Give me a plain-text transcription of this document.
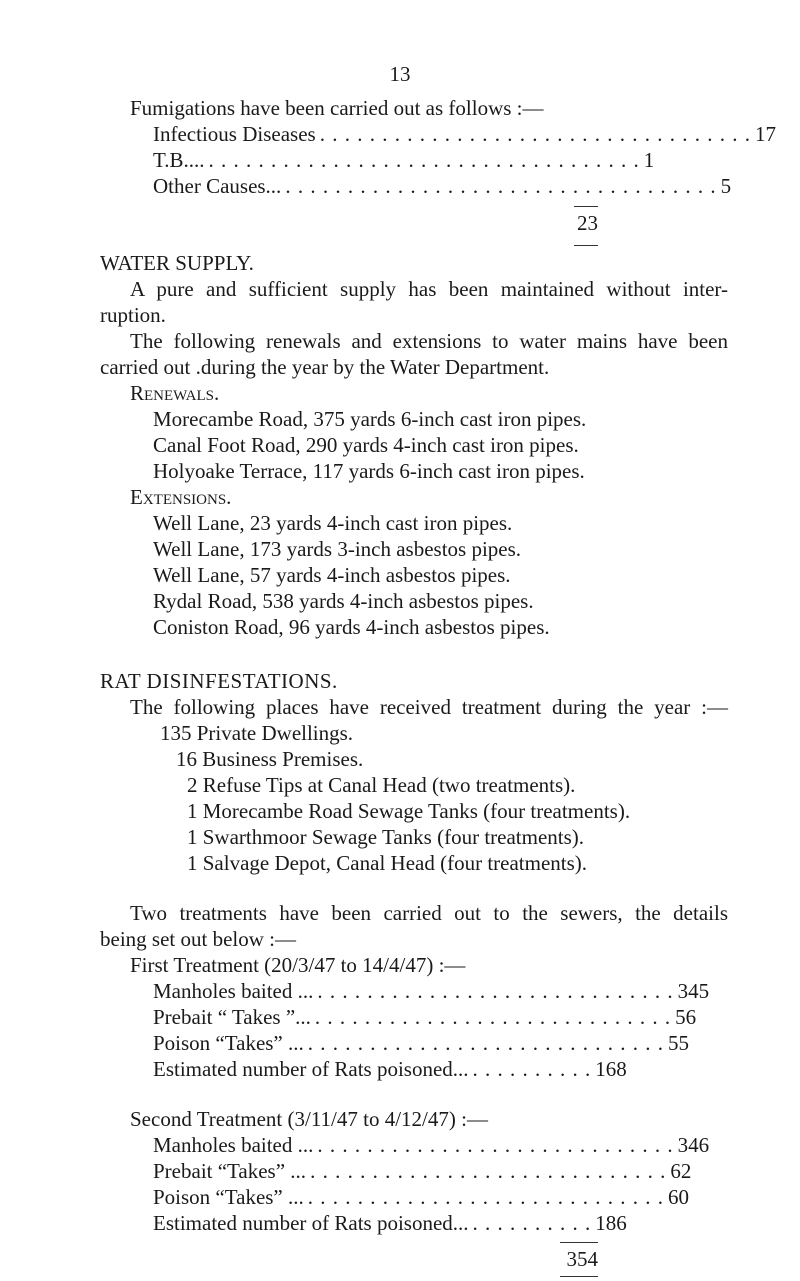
13
Fumigations have been carried out as follows :—
Infectious Diseases . . . . . . . . . . . . . . . . . . . . . . . . . . . . . . . . . . . 17
T.B.... . . . . . . . . . . . . . . . . . . . . . . . . . . . . . . . . . . . 1
Other Causes... . . . . . . . . . . . . . . . . . . . . . . . . . . . . . . . . . . . 5
23
WATER SUPPLY.
A pure and sufficient supply has been maintained without inter-
ruption.
The following renewals and extensions to water mains have been
carried out .during the year by the Water Department.
Renewals.
Morecambe Road, 375 yards 6-inch cast iron pipes.
Canal Foot Road, 290 yards 4-inch cast iron pipes.
Holyoake Terrace, 117 yards 6-inch cast iron pipes.
Extensions.
Well Lane, 23 yards 4-inch cast iron pipes.
Well Lane, 173 yards 3-inch asbestos pipes.
Well Lane, 57 yards 4-inch asbestos pipes.
Rydal Road, 538 yards 4-inch asbestos pipes.
Coniston Road, 96 yards 4-inch asbestos pipes.
RAT DISINFESTATIONS.
The following places have received treatment during the year :—
135 Private Dwellings.
16 Business Premises.
2 Refuse Tips at Canal Head (two treatments).
1 Morecambe Road Sewage Tanks (four treatments).
1 Swarthmoor Sewage Tanks (four treatments).
1 Salvage Depot, Canal Head (four treatments).
Two treatments have been carried out to the sewers, the details
being set out below :—
First Treatment (20/3/47 to 14/4/47) :—
Manholes baited ... . . . . . . . . . . . . . . . . . . . . . . . . . . . . . 345
Prebait “ Takes ”... . . . . . . . . . . . . . . . . . . . . . . . . . . . . . 56
Poison “Takes” ... . . . . . . . . . . . . . . . . . . . . . . . . . . . . . 55
Estimated number of Rats poisoned... . . . . . . . . . . 168
Second Treatment (3/11/47 to 4/12/47) :—
Manholes baited ... . . . . . . . . . . . . . . . . . . . . . . . . . . . . . 346
Prebait “Takes” ... . . . . . . . . . . . . . . . . . . . . . . . . . . . . . 62
Poison “Takes” ... . . . . . . . . . . . . . . . . . . . . . . . . . . . . . 60
Estimated number of Rats poisoned... . . . . . . . . . . 186
354
